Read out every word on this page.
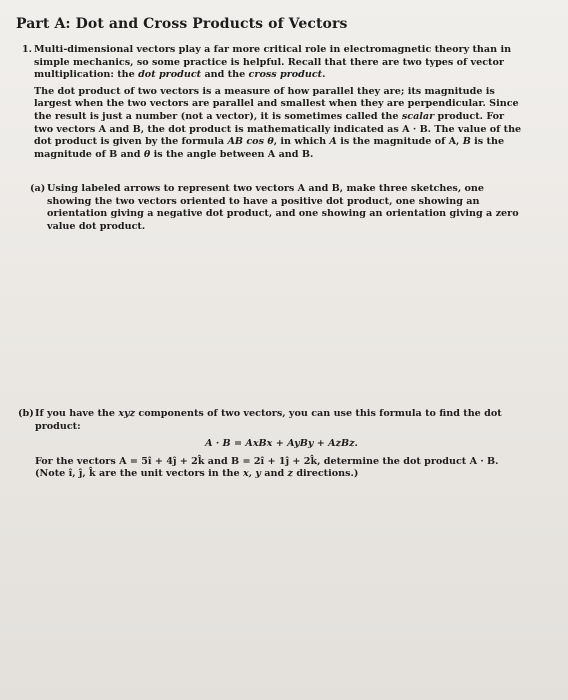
Part A: Dot and Cross Products of Vectors
1. Multi-dimensional vectors play a far more critical role in electromagnetic theory than in simple mechanics, so some practice is helpful. Recall that there are two types of vector multiplication: the dot product and the cross product.

The dot product of two vectors is a measure of how parallel they are; its magnitude is largest when the two vectors are parallel and smallest when they are perpendicular. Since the result is just a number (not a vector), it is sometimes called the scalar product. For two vectors A and B, the dot product is mathematically indicated as A · B. The value of the dot product is given by the formula AB cos θ, in which A is the magnitude of A, B is the magnitude of B and θ is the angle between A and B.

(a) Using labeled arrows to represent two vectors A and B, make three sketches, one showing the two vectors oriented to have a positive dot product, one showing an orientation giving a negative dot product, and one showing an orientation giving a zero value dot product.
(b) If you have the xyz components of two vectors, you can use this formula to find the dot product:
A · B = AxBx + AyBy + AzBz.
For the vectors A = 5î + 4ĵ + 2k̂ and B = 2î + 1ĵ + 2k̂, determine the dot product A · B.
(Note î, ĵ, k̂ are the unit vectors in the x, y and z directions.)
